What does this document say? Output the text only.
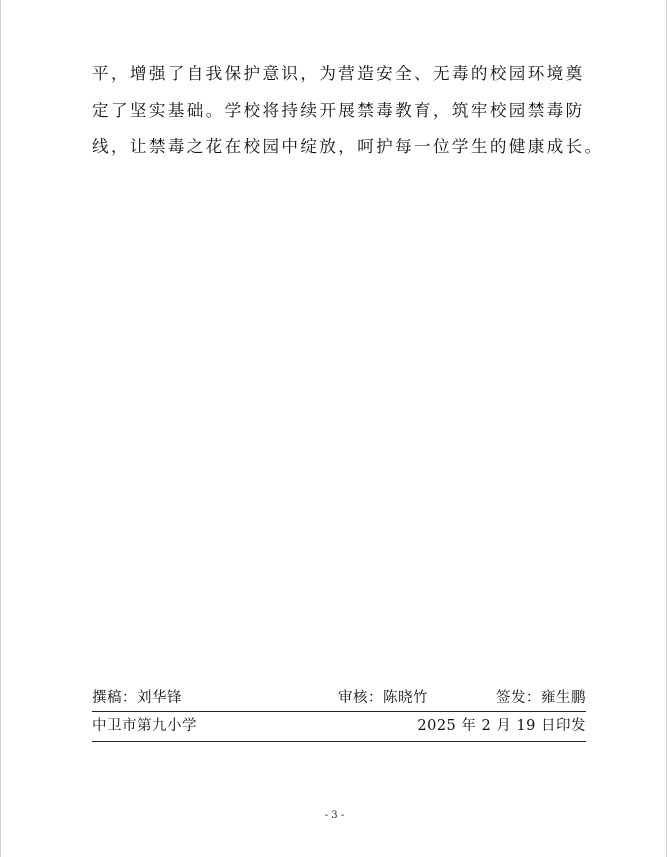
平，增强了自我保护意识，为营造安全、无毒的校园环境奠
定了坚实基础。学校将持续开展禁毒教育，筑牢校园禁毒防
线，让禁毒之花在校园中绽放，呵护每一位学生的健康成长。
撰稿：刘华锋	审核：陈晓竹	签发：雍生鹏
中卫市第九小学	2025 年 2 月 19 日印发
- 3 -
